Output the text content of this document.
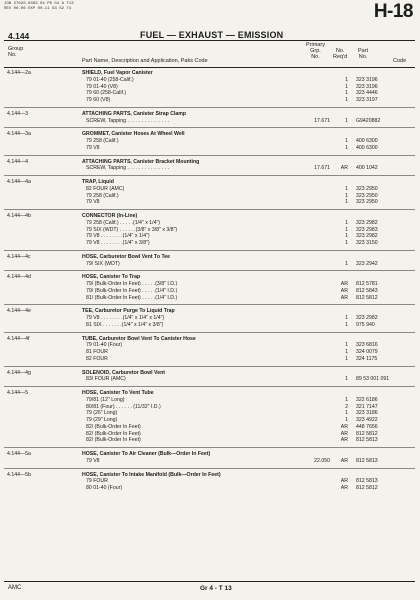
JOB 27020-0363 04 P0 G4 A T13
REV 06-06 EXP 00-11 G3 S2 74	H-18
4.144	FUEL — EXHAUST — EMISSION
Group
No.
Part Name, Description and Application, Paks Code
Primary
Grp.
No.
No.
Req'd
Part
No.
Code
4.144—2a	SHIELD, Fuel Vapor Canister
79 01-40 (258-Calif.)	1 323 3196
79 01-40 (V8)	1 323 3196
79 60 (258-Calif.)	1 323 4446
79 60 (V8)	1 323 3197
4.144—3	ATTACHING PARTS, Canister Strap Clamp
SCREW, Tapping . . . . . . . . . . . . . . .	17.671	1 G9420882
4.144—3a	GROMMET, Canister Hoses At Wheel Well
79 258 (Calif.)	1 400 6300
79 V8	1 400 6300
4.144—4	ATTACHING PARTS, Canister Bracket Mounting
SCREW, Tapping . . . . . . . . . . . . . . .	17.671	AR 400 1042
4.144—4a	TRAP, Liquid
82 FOUR (AMC)	1 323 2950
79 258 (Calif.)	1 323 2950
79 V8	1 323 2950
4.144—4b	CONNECTOR (In-Line)
79 258 (Calif.) . . . . .(1/4" x 1/4")	1 323 2982
79 SIX (WDT) . . . . . .(3/8" x 3/8" x 3/8")	1 323 2983
79 V8 . . . . . . . .(1/4" x 1/4")	1 323 2982
79 V8 . . . . . . . .(1/4" x 3/8")	1 323 3150
4.144—4c	HOSE, Carburetor Bowl Vent To Tee
79/ SIX (WDT)	1 323 2942
4.144—4d	HOSE, Canister To Trap
79/ (Bulk-Order In Feet) . . . . .(3/8" I.D.)	AR 812 5781
79/ (Bulk-Order In Feet) . . . . .(1/4" I.D.)	AR 812 5843
81/ (Bulk-Order In Feet) . . . . .(1/4" I.D.)	AR 812 5812
4.144—4e	TEE, Carburetor Purge To Liquid Trap
79 V8 . . . . . . . .(1/4" x 1/4" x 1/4")	1 323 2982
81 SIX . . . . . . .(1/4" x 1/4" x 3/8")	1 975 940
4.144—4f	TUBE, Carburetor Bowl Vent To Canister Hose
79 01-40 (Four)	1 323 6816
81 FOUR	1 324 0079
82 FOUR	1 324 1175
4.144—4g	SOLENOID, Carburetor Bowl Vent
83/ FOUR (AMC)	1 89 53 001 091
4.144—5	HOSE, Canister To Vent Tube
79/81 (12" Long)	1 322 6186
80/81 (Four) . . . . . . (11/32" I.D.)	2 321 7147
79 (26" Long)	1 323 3186
79 (29" Long)	1 323 4922
82/ (Bulk-Order In Feet)	AR 448 7656
82/ (Bulk-Order In Feet)	AR 812 5812
82/ (Bulk-Order In Feet)	AR 812 5813
4.144—5a	HOSE, Canister To Air Cleaner (Bulk—Order In Feet)
79 V8	22.050	AR 812 5813
4.144—5b	HOSE, Canister To Intake Manifold (Bulk—Order In Feet)
79 FOUR	AR 812 5813
80 01-40 (Four)	AR 812 5812
AMC	Gr 4 - T 13
